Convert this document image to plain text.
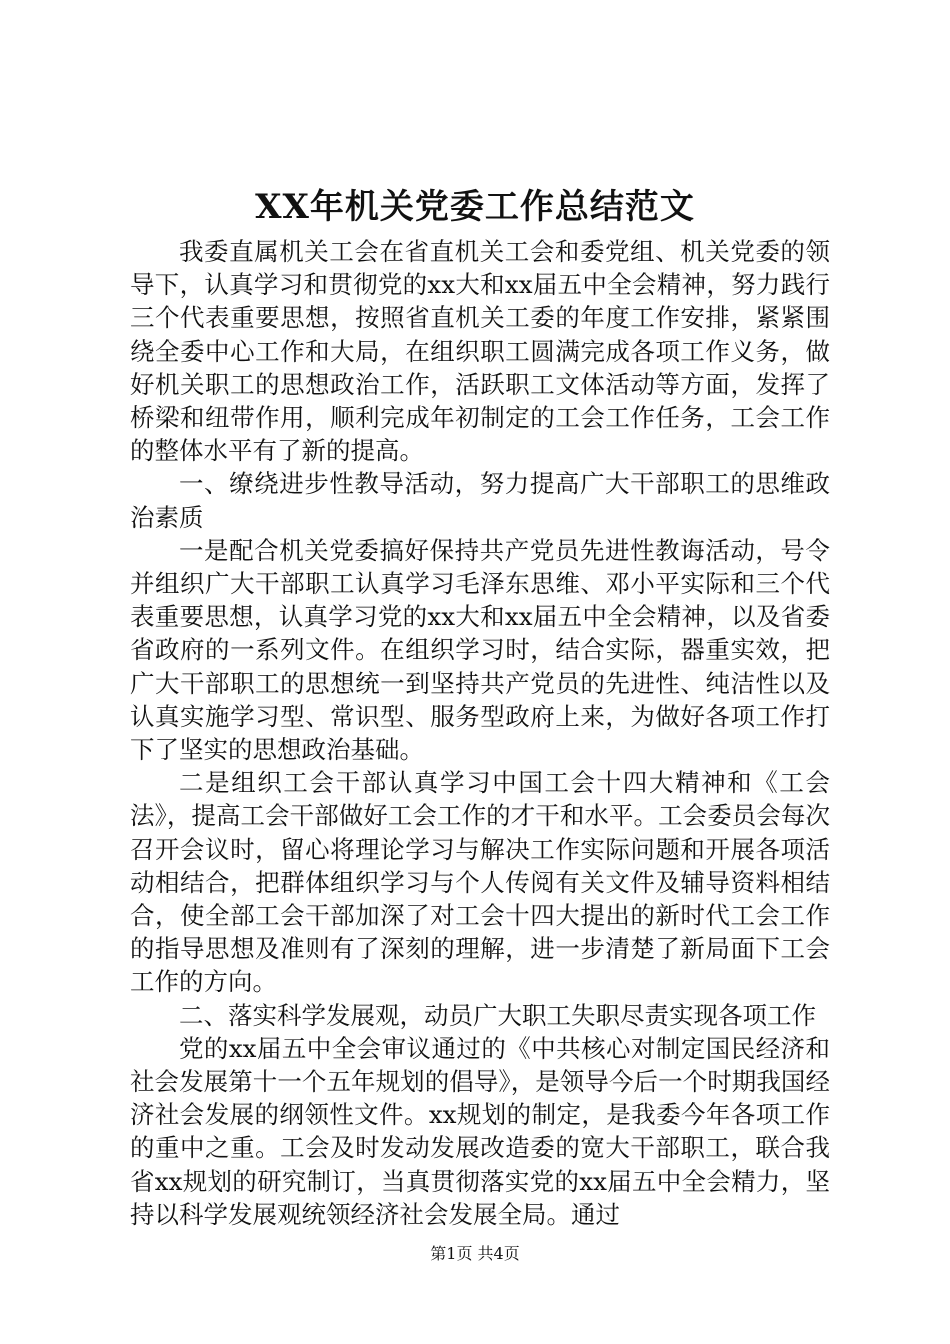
XX年机关党委工作总结范文

我委直属机关工会在省直机关工会和委党组、机关党委的领导下，认真学习和贯彻党的xx大和xx届五中全会精神，努力践行三个代表重要思想，按照省直机关工委的年度工作安排，紧紧围绕全委中心工作和大局，在组织职工圆满完成各项工作义务，做好机关职工的思想政治工作，活跃职工文体活动等方面，发挥了桥梁和纽带作用，顺利完成年初制定的工会工作任务，工会工作的整体水平有了新的提高。

一、缭绕进步性教导活动，努力提高广大干部职工的思维政治素质

一是配合机关党委搞好保持共产党员先进性教诲活动，号令并组织广大干部职工认真学习毛泽东思维、邓小平实际和三个代表重要思想，认真学习党的xx大和xx届五中全会精神，以及省委省政府的一系列文件。在组织学习时，结合实际，器重实效，把广大干部职工的思想统一到坚持共产党员的先进性、纯洁性以及认真实施学习型、常识型、服务型政府上来，为做好各项工作打下了坚实的思想政治基础。

二是组织工会干部认真学习中国工会十四大精神和《工会法》，提高工会干部做好工会工作的才干和水平。工会委员会每次召开会议时，留心将理论学习与解决工作实际问题和开展各项活动相结合，把群体组织学习与个人传阅有关文件及辅导资料相结合，使全部工会干部加深了对工会十四大提出的新时代工会工作的指导思想及准则有了深刻的理解，进一步清楚了新局面下工会工作的方向。

二、落实科学发展观，动员广大职工失职尽责实现各项工作

党的xx届五中全会审议通过的《中共核心对制定国民经济和社会发展第十一个五年规划的倡导》，是领导今后一个时期我国经济社会发展的纲领性文件。xx规划的制定，是我委今年各项工作的重中之重。工会及时发动发展改造委的宽大干部职工，联合我省xx规划的研究制订，当真贯彻落实党的xx届五中全会精力，坚持以科学发展观统领经济社会发展全局。通过

第1页 共4页
